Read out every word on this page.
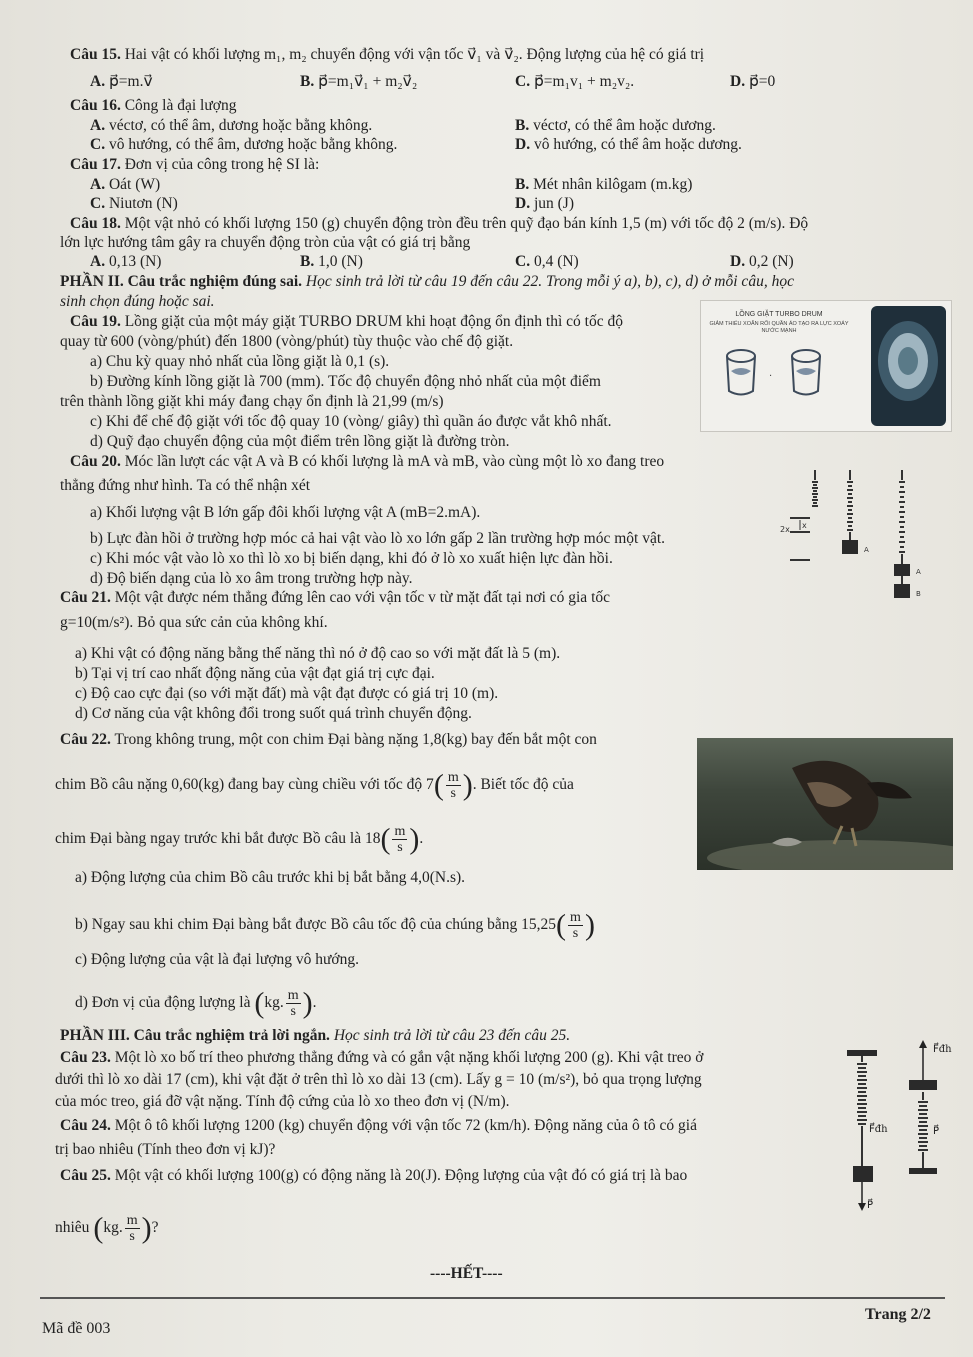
Câu 15. Hai vật có khối lượng m₁, m₂ chuyển động với vận tốc v⃗₁ và v⃗₂. Động lượng của hệ có giá trị
A. p⃗=m.v⃗	B. p⃗=m₁v⃗₁ + m₂v⃗₂	C. p⃗=m₁v₁ + m₂v₂.	D. p⃗=0
Câu 16. Công là đại lượng
A. véctơ, có thể âm, dương hoặc bằng không.	B. véctơ, có thể âm hoặc dương.
C. vô hướng, có thể âm, dương hoặc bằng không.	D. vô hướng, có thể âm hoặc dương.
Câu 17. Đơn vị của công trong hệ SI là:
A. Oát (W)	B. Mét nhân kilôgam (m.kg)
C. Niutơn (N)	D. jun (J)
Câu 18. Một vật nhỏ có khối lượng 150 (g) chuyển động tròn đều trên quỹ đạo bán kính 1,5 (m) với tốc độ 2 (m/s). Độ
lớn lực hướng tâm gây ra chuyển động tròn của vật có giá trị bằng
A. 0,13 (N)	B. 1,0 (N)	C. 0,4 (N)	D. 0,2 (N)
PHẦN II. Câu trắc nghiệm đúng sai. Học sinh trả lời từ câu 19 đến câu 22. Trong mỗi ý a), b), c), d) ở mỗi câu, học
sinh chọn đúng hoặc sai.
Câu 19. Lồng giặt của một máy giặt TURBO DRUM khi hoạt động ổn định thì có tốc độ
quay từ 600 (vòng/phút) đến 1800 (vòng/phút) tùy thuộc vào chế độ giặt.
a) Chu kỳ quay nhỏ nhất của lồng giặt là 0,1 (s).
b) Đường kính lồng giặt là 700 (mm). Tốc độ chuyển động nhỏ nhất của một điểm
trên thành lồng giặt khi máy đang chạy ổn định là 21,99 (m/s)
c) Khi để chế độ giặt với tốc độ quay 10 (vòng/ giây) thì quần áo được vắt khô nhất.
d) Quỹ đạo chuyển động của một điểm trên lồng giặt là đường tròn.
LỒNG GIẶT TURBO DRUM
GIẢM THIỂU XOẮN RỐI QUẦN ÁO TẠO RA LỰC XOÁY NƯỚC MẠNH
·
Câu 20. Móc lần lượt các vật A và B có khối lượng là mA và mB, vào cùng một lò xo đang treo
thẳng đứng như hình. Ta có thể nhận xét
a) Khối lượng vật B lớn gấp đôi khối lượng vật A (mB=2.mA).
b) Lực đàn hồi ở trường hợp móc cả hai vật vào lò xo lớn gấp 2 lần trường hợp móc một vật.
c) Khi móc vật vào lò xo thì lò xo bị biến dạng, khi đó ở lò xo xuất hiện lực đàn hồi.
d) Độ biến dạng của lò xo âm trong trường hợp này.
x
2x
A
A
B
Câu 21. Một vật được ném thẳng đứng lên cao với vận tốc v từ mặt đất tại nơi có gia tốc
g=10(m/s²). Bỏ qua sức cản của không khí.
a) Khi vật có động năng bằng thế năng thì nó ở độ cao so với mặt đất là 5 (m).
b) Tại vị trí cao nhất động năng của vật đạt giá trị cực đại.
c) Độ cao cực đại (so với mặt đất) mà vật đạt được có giá trị 10 (m).
d) Cơ năng của vật không đổi trong suốt quá trình chuyển động.
Câu 22. Trong không trung, một con chim Đại bàng nặng 1,8(kg) bay đến bắt một con
chim Bồ câu nặng 0,60(kg) đang bay cùng chiều với tốc độ $7( \frac{m}{s}$ ). Biết tốc độ của
chim Đại bàng ngay trước khi bắt được Bồ câu là $18( \frac{m}{s}$ ).
a) Động lượng của chim Bồ câu trước khi bị bắt bằng 4,0(N.s).
b) Ngay sau khi chim Đại bàng bắt được Bồ câu tốc độ của chúng bằng $15,25( \frac{m}{s}$ )
c) Động lượng của vật là đại lượng vô hướng.
d) Đơn vị của động lượng là (kg. $\frac{m}{s}$ ).
PHẦN III. Câu trắc nghiệm trả lời ngắn. Học sinh trả lời từ câu 23 đến câu 25.
Câu 23. Một lò xo bố trí theo phương thẳng đứng và có gắn vật nặng khối lượng 200 (g). Khi vật treo ở
dưới thì lò xo dài 17 (cm), khi vật đặt ở trên thì lò xo dài 13 (cm). Lấy g = 10 (m/s²), bỏ qua trọng lượng
của móc treo, giá đỡ vật nặng. Tính độ cứng của lò xo theo đơn vị (N/m).
Câu 24. Một ô tô khối lượng 1200 (kg) chuyển động với vận tốc 72 (km/h). Động năng của ô tô có giá
trị bao nhiêu (Tính theo đơn vị kJ)?
Câu 25. Một vật có khối lượng 100(g) có động năng là 20(J). Động lượng của vật đó có giá trị là bao
nhiêu (kg. $\frac{m}{s}$ )?
F⃗đh
F⃗đh	P⃗
P⃗
----HẾT----
Trang 2/2
Mã đề 003
